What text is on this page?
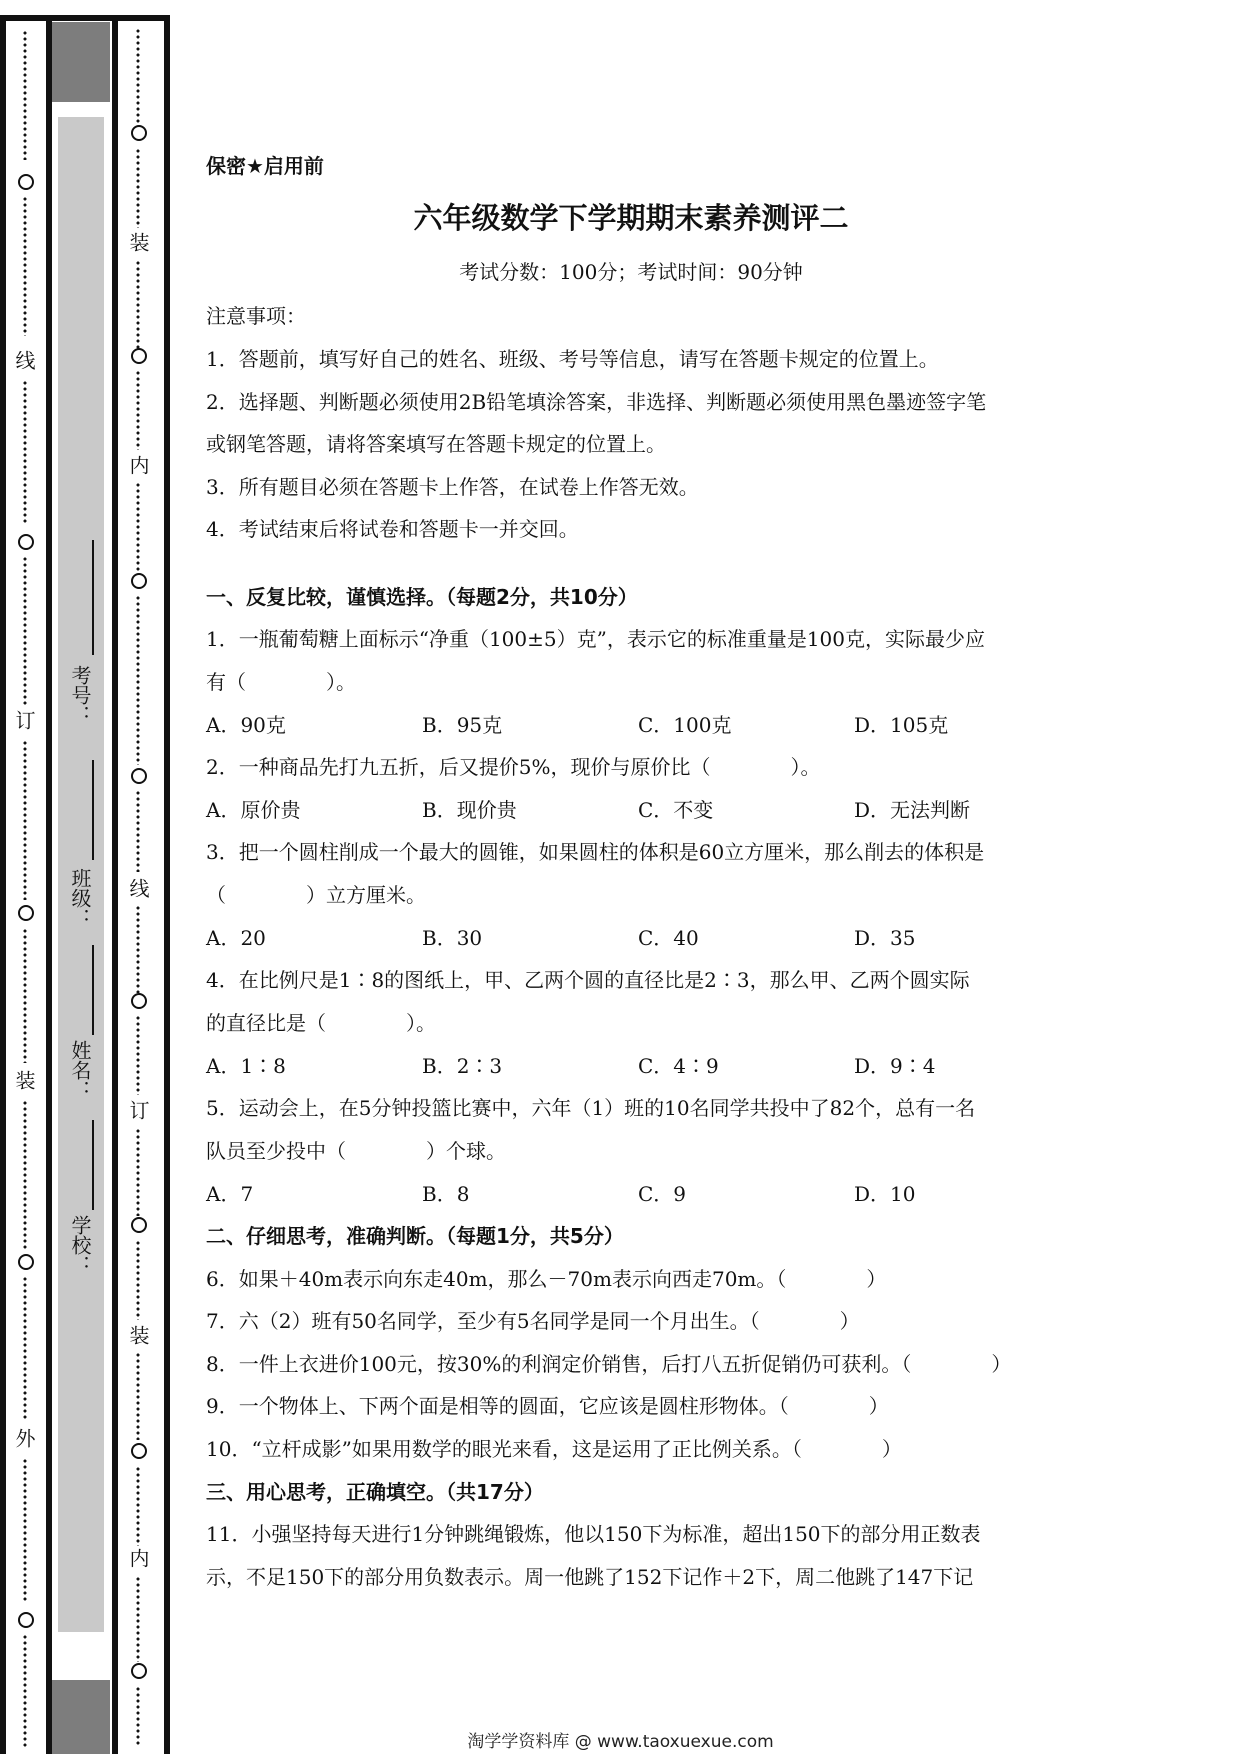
线
订
装
外
考号：
班级：
姓名：
学校：
装
内
线
订
装
内
保密★启用前
六年级数学下学期期末素养测评二
考试分数：100分；考试时间：90分钟
注意事项：
1．答题前，填写好自己的姓名、班级、考号等信息，请写在答题卡规定的位置上。
2．选择题、判断题必须使用2B铅笔填涂答案，非选择、判断题必须使用黑色墨迹签字笔
或钢笔答题，请将答案填写在答题卡规定的位置上。
3．所有题目必须在答题卡上作答，在试卷上作答无效。
4．考试结束后将试卷和答题卡一并交回。
一、反复比较，谨慎选择。（每题2分，共10分）
1．一瓶葡萄糖上面标示“净重（100±5）克”，表示它的标准重量是100克，实际最少应
有（　　　　）。
A．90克	B．95克	C．100克	D．105克
2．一种商品先打九五折，后又提价5%，现价与原价比（　　　　）。
A．原价贵	B．现价贵	C．不变	D．无法判断
3．把一个圆柱削成一个最大的圆锥，如果圆柱的体积是60立方厘米，那么削去的体积是
（　　　　）立方厘米。
A．20	B．30	C．40	D．35
4．在比例尺是1∶8的图纸上，甲、乙两个圆的直径比是2∶3，那么甲、乙两个圆实际
的直径比是（　　　　）。
A．1∶8	B．2∶3	C．4∶9	D．9∶4
5．运动会上，在5分钟投篮比赛中，六年（1）班的10名同学共投中了82个，总有一名
队员至少投中（　　　　）个球。
A．7	B．8	C．9	D．10
二、仔细思考，准确判断。（每题1分，共5分）
6．如果＋40m表示向东走40m，那么－70m表示向西走70m。（　　　　）
7．六（2）班有50名同学，至少有5名同学是同一个月出生。（　　　　）
8．一件上衣进价100元，按30%的利润定价销售，后打八五折促销仍可获利。（　　　　）
9．一个物体上、下两个面是相等的圆面，它应该是圆柱形物体。（　　　　）
10．“立杆成影”如果用数学的眼光来看，这是运用了正比例关系。（　　　　）
三、用心思考，正确填空。（共17分）
11．小强坚持每天进行1分钟跳绳锻炼，他以150下为标准，超出150下的部分用正数表
示，不足150下的部分用负数表示。周一他跳了152下记作＋2下，周二他跳了147下记
淘学学资料库 @ www.taoxuexue.com
